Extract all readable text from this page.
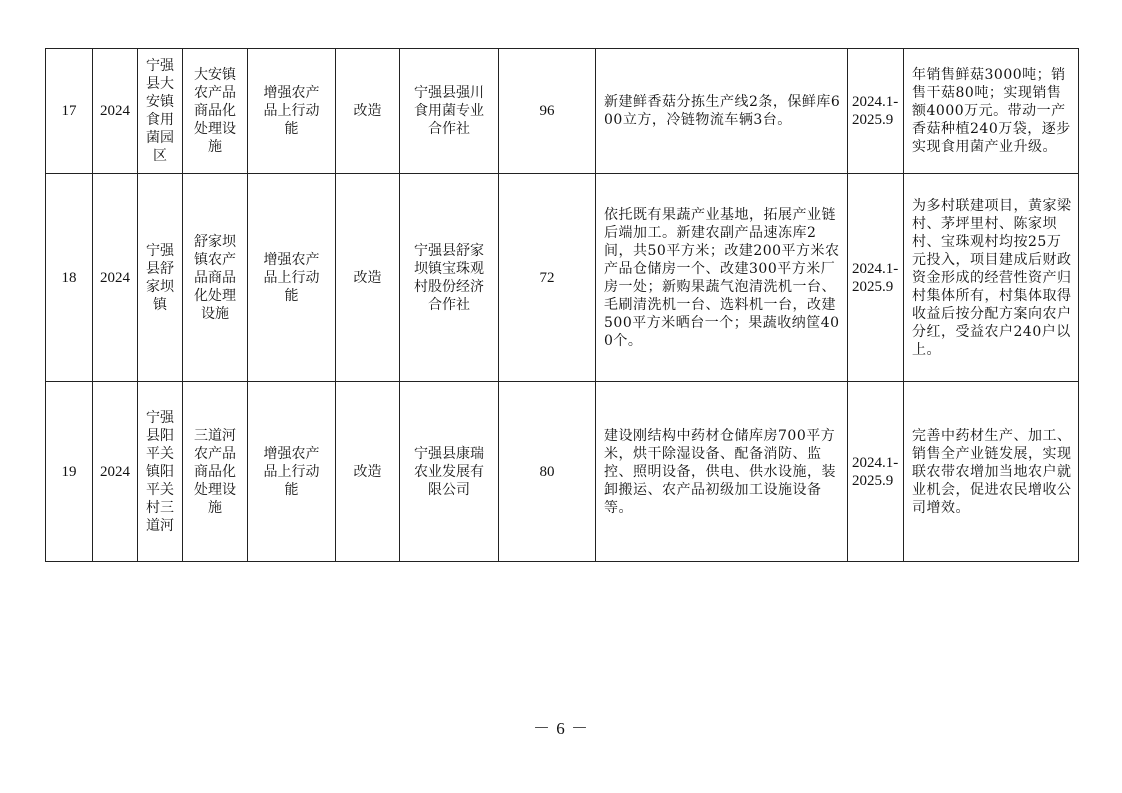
17	2024	宁强县大安镇食用菌园区	大安镇农产品商品化处理设施	增强农产品上行动能	改造	宁强县强川食用菌专业合作社	96	新建鲜香菇分拣生产线2条，保鲜库600立方，冷链物流车辆3台。	2024.1-2025.9	年销售鲜菇3000吨；销售干菇80吨；实现销售额4000万元。带动一产香菇种植240万袋，逐步实现食用菌产业升级。
18	2024	宁强县舒家坝镇	舒家坝镇农产品商品化处理设施	增强农产品上行动能	改造	宁强县舒家坝镇宝珠观村股份经济合作社	72	依托既有果蔬产业基地，拓展产业链后端加工。新建农副产品速冻库2间，共50平方米；改建200平方米农产品仓储房一个、改建300平方米厂房一处；新购果蔬气泡清洗机一台、毛刷清洗机一台、选料机一台，改建500平方米晒台一个；果蔬收纳筐400个。	2024.1-2025.9	为多村联建项目，黄家梁村、茅坪里村、陈家坝村、宝珠观村均按25万元投入，项目建成后财政资金形成的经营性资产归村集体所有，村集体取得收益后按分配方案向农户分红，受益农户240户以上。
19	2024	宁强县阳平关镇阳平关村三道河	三道河农产品商品化处理设施	增强农产品上行动能	改造	宁强县康瑞农业发展有限公司	80	建设刚结构中药材仓储库房700平方米，烘干除湿设备、配备消防、监控、照明设备，供电、供水设施，装卸搬运、农产品初级加工设施设备等。	2024.1-2025.9	完善中药材生产、加工、销售全产业链发展，实现联农带农增加当地农户就业机会，促进农民增收公司增效。
－ 6 －
